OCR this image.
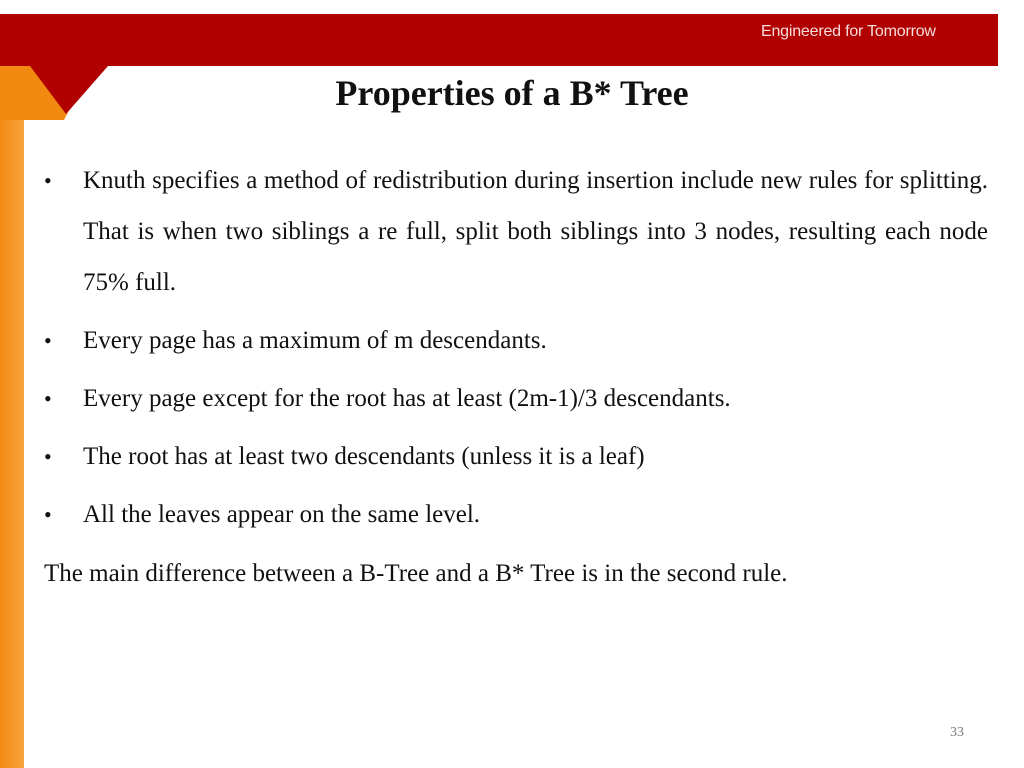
Engineered for Tomorrow
Properties of a B* Tree
• Knuth specifies a method of redistribution during insertion include new rules for splitting. That is when two siblings a re full, split both siblings into 3 nodes, resulting each node 75% full.
• Every page has a maximum of m descendants.
• Every page except for the root has at least (2m-1)/3 descendants.
• The root has at least two descendants (unless it is a leaf)
• All the leaves appear on the same level.
The main difference between a B-Tree and a B* Tree is in the second rule.
33
